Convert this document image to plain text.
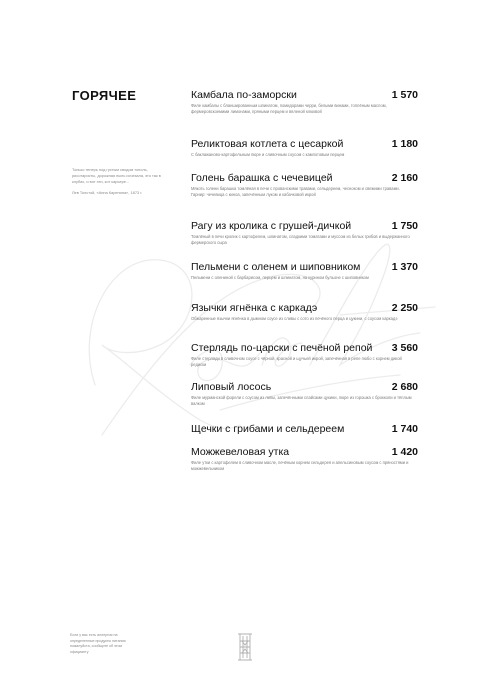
ГОРЯЧЕЕ

Только теперь под густым сводом тополь, рисотаристы, дорожная пыль исчезала, это так в клубах, и вот эти, кот карьере...

Лев Толстой, «Анна Каренина», 1873 г.

Камбала по-заморски
Филе камбалы с бланшированным шпинатом, помидорами черри, белыми винами, топлёным маслом, фермеровскоемими лимонами, пряными перцем и вяленой клюквой
Реликтовая котлета с цесаркой
С баклажаново-картофельным пюре и сливочным соусом с кампотовым перцем
Голень барашка с чечевицей
Мякоть голени барашка томлёная в печи с прованскими травами, сельдереем, чесноком и свежими травами. Гарнир: чечевица с киноа, запечённым луком и кабачковой икрой
Рагу из кролика с грушей-дичкой
Томлёный в печи кролик с картофелем, шпинатом, сладкими томатами и муссом из белых грибов и выдержанного фермерского сыра
Пельмени с оленем и шиповником
Пельмени с олениной с барбарисом, перцем и шпинатом, на курином бульоне с шиповником
Язычки ягнёнка с каркадэ
Обжаренные язычки ягнёнка в дымном соусе из сливы с сото из печёного перца и цукини, с соусом каркадэ
Стерлядь по-царски с печёной репой
Филе стерляди в сливочном соусе с чёрной, красной и щучьей икрой, запечённая в репе пюбо с корнем дикой редиски
Липовый лосось
Филе мурманской форели с соусом из липы, запечёнными слайсами цукини, пюре из горошка с брокколи и тёплым валком
Щечки с грибами и сельдереем
Можжевеловая утка
Филе утки с картофелем в сливочном масле, печёным корнем сельдерея и апельсиновым соусом с пряностями и можжевельником
1 570
1 180
2 160
1 750
1 370
2 250
3 560
2 680
1 740
1 420
Если у вас есть аллергия на определенные продукты питания пожалуйста, сообщите об этом официанту
